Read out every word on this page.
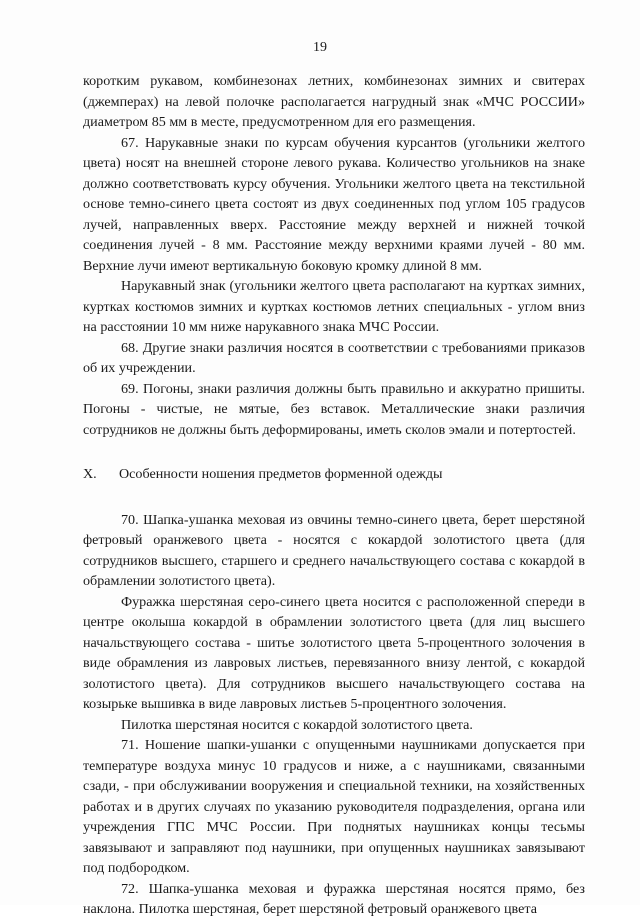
19

коротким рукавом, комбинезонах летних, комбинезонах зимних и свитерах (джемперах) на левой полочке располагается нагрудный знак «МЧС РОССИИ» диаметром 85 мм в месте, предусмотренном для его размещения.

67. Нарукавные знаки по курсам обучения курсантов (угольники желтого цвета) носят на внешней стороне левого рукава. Количество угольников на знаке должно соответствовать курсу обучения. Угольники желтого цвета на текстильной основе темно-синего цвета состоят из двух соединенных под углом 105 градусов лучей, направленных вверх. Расстояние между верхней и нижней точкой соединения лучей - 8 мм. Расстояние между верхними краями лучей - 80 мм. Верхние лучи имеют вертикальную боковую кромку длиной 8 мм.

Нарукавный знак (угольники желтого цвета располагают на куртках зимних, куртках костюмов зимних и куртках костюмов летних специальных - углом вниз на расстоянии 10 мм ниже нарукавного знака МЧС России.

68. Другие знаки различия носятся в соответствии с требованиями приказов об их учреждении.

69. Погоны, знаки различия должны быть правильно и аккуратно пришиты. Погоны - чистые, не мятые, без вставок. Металлические знаки различия сотрудников не должны быть деформированы, иметь сколов эмали и потертостей.

X. Особенности ношения предметов форменной одежды

70. Шапка-ушанка меховая из овчины темно-синего цвета, берет шерстяной фетровый оранжевого цвета - носятся с кокардой золотистого цвета (для сотрудников высшего, старшего и среднего начальствующего состава с кокардой в обрамлении золотистого цвета).

Фуражка шерстяная серо-синего цвета носится с расположенной спереди в центре околыша кокардой в обрамлении золотистого цвета (для лиц высшего начальствующего состава - шитье золотистого цвета 5-процентного золочения в виде обрамления из лавровых листьев, перевязанного внизу лентой, с кокардой золотистого цвета). Для сотрудников высшего начальствующего состава на козырьке вышивка в виде лавровых листьев 5-процентного золочения.

Пилотка шерстяная носится с кокардой золотистого цвета.

71. Ношение шапки-ушанки с опущенными наушниками допускается при температуре воздуха минус 10 градусов и ниже, а с наушниками, связанными сзади, - при обслуживании вооружения и специальной техники, на хозяйственных работах и в других случаях по указанию руководителя подразделения, органа или учреждения ГПС МЧС России. При поднятых наушниках концы тесьмы завязывают и заправляют под наушники, при опущенных наушниках завязывают под подбородком.

72. Шапка-ушанка меховая и фуражка шерстяная носятся прямо, без наклона. Пилотка шерстяная, берет шерстяной фетровый оранжевого цвета
